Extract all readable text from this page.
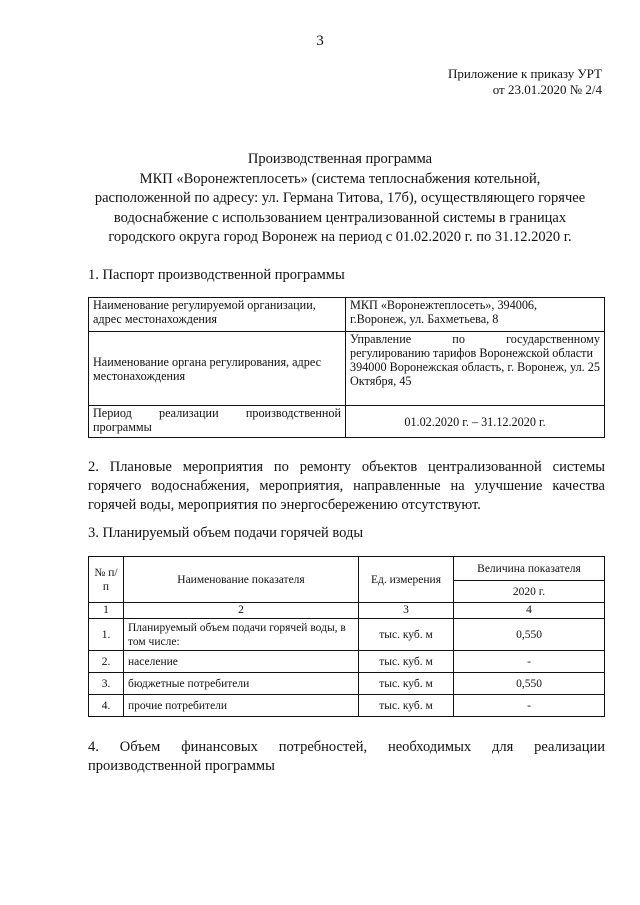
3
Приложение к приказу УРТ
от 23.01.2020 № 2/4
Производственная программа
МКП «Воронежтеплосеть» (система теплоснабжения котельной,
расположенной по адресу: ул. Германа Титова, 17б), осуществляющего горячее
водоснабжение с использованием централизованной системы в границах
городского округа город Воронеж на период с 01.02.2020 г. по 31.12.2020 г.
1. Паспорт производственной программы
Наименование регулируемой организации, адрес местонахождения	МКП «Воронежтеплосеть», 394006,
г.Воронеж, ул. Бахметьева, 8

Наименование органа регулирования, адрес местонахождения	Управление по государственному регулированию тарифов Воронежской области
394000 Воронежская область, г. Воронеж, ул. 25 Октября, 45

Период реализации производственной программы	01.02.2020 г. – 31.12.2020 г.
2. Плановые мероприятия по ремонту объектов централизованной системы горячего водоснабжения, мероприятия, направленные на улучшение качества горячей воды, мероприятия по энергосбережению отсутствуют.
3. Планируемый объем подачи горячей воды
№ п/п	Наименование показателя	Ед. измерения	Величина показателя
			2020 г.
1	2	3	4
1.	Планируемый объем подачи горячей воды, в том числе:	тыс. куб. м	0,550
2.	население	тыс. куб. м	-
3.	бюджетные потребители	тыс. куб. м	0,550
4.	прочие потребители	тыс. куб. м	-
4. Объем финансовых потребностей, необходимых для реализации производственной программы
